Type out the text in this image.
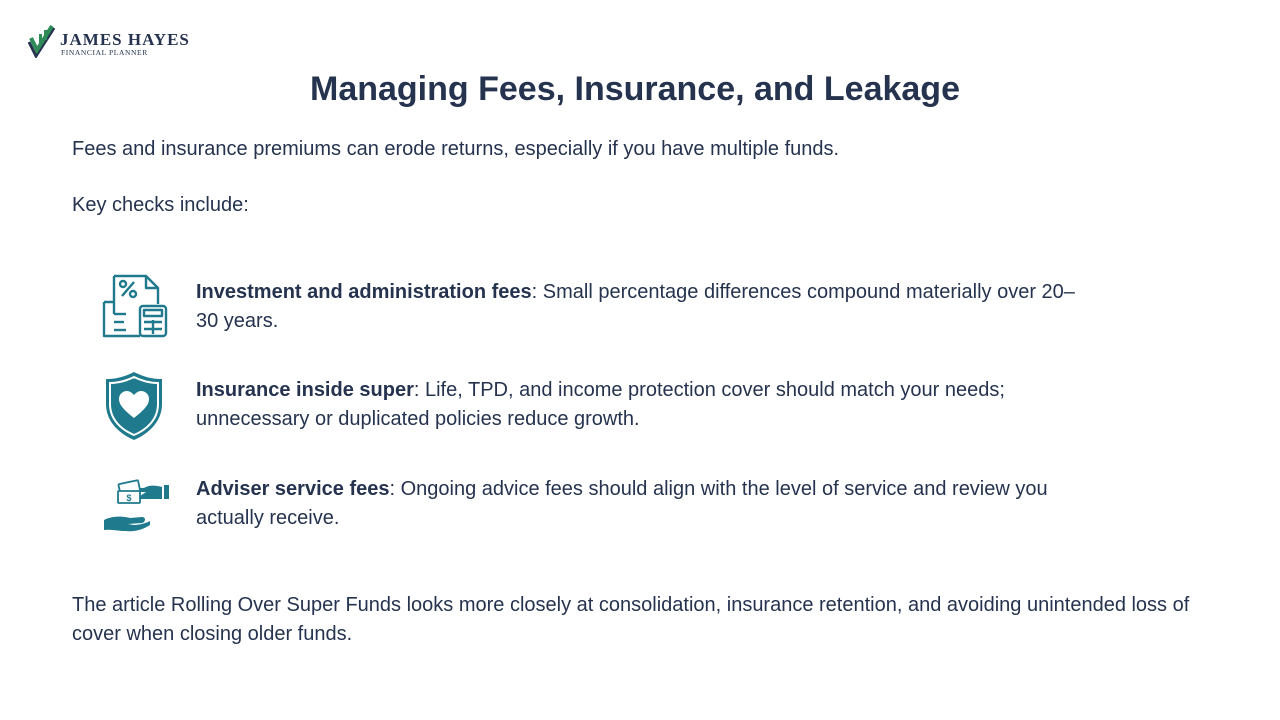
JAMES HAYES
FINANCIAL PLANNER
Managing Fees, Insurance, and Leakage
Fees and insurance premiums can erode returns, especially if you have multiple funds.
Key checks include:
Investment and administration fees: Small percentage differences compound materially over 20–30 years.
Insurance inside super: Life, TPD, and income protection cover should match your needs; unnecessary or duplicated policies reduce growth.
$	Adviser service fees: Ongoing advice fees should align with the level of service and review you actually receive.
The article Rolling Over Super Funds looks more closely at consolidation, insurance retention, and avoiding unintended loss of cover when closing older funds.
